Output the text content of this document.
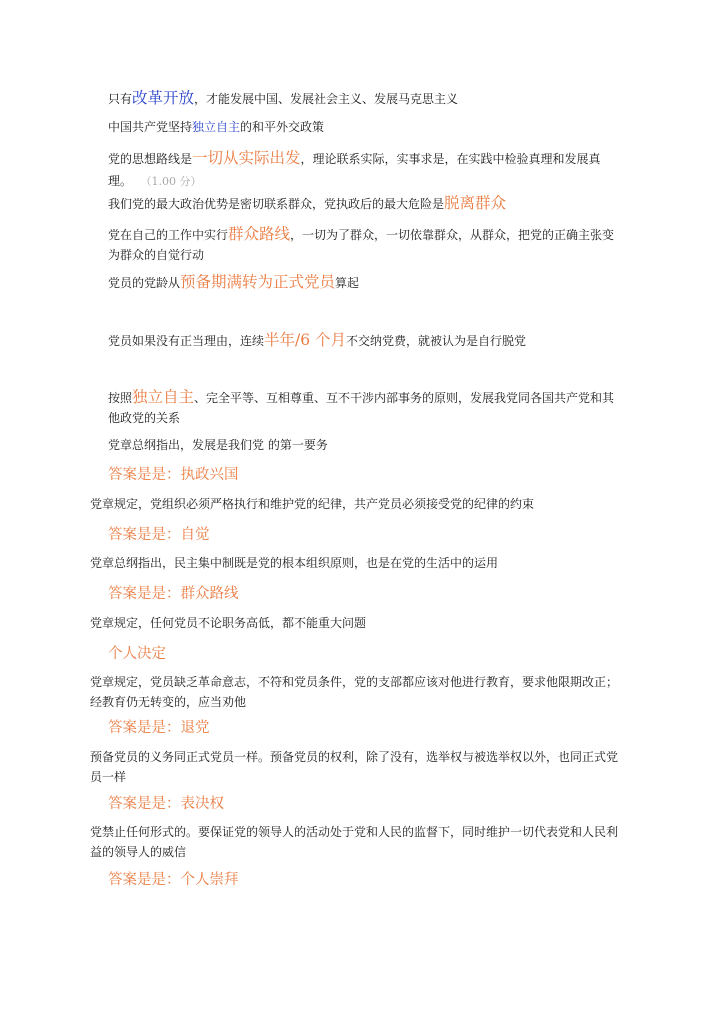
只有改革开放，才能发展中国、发展社会主义、发展马克思主义
中国共产党坚持独立自主的和平外交政策
党的思想路线是一切从实际出发，理论联系实际，实事求是，在实践中检验真理和发展真理。 （1.00 分）
我们党的最大政治优势是密切联系群众，党执政后的最大危险是脱离群众
党在自己的工作中实行群众路线，一切为了群众，一切依靠群众，从群众，把党的正确主张变为群众的自觉行动
党员的党龄从预备期满转为正式党员算起
党员如果没有正当理由，连续半年/6 个月不交纳党费，就被认为是自行脱党
按照独立自主、完全平等、互相尊重、互不干涉内部事务的原则，发展我党同各国共产党和其他政党的关系
党章总纲指出，发展是我们党 的第一要务
答案是是：执政兴国
党章规定，党组织必须严格执行和维护党的纪律，共产党员必须接受党的纪律的约束
答案是是：自觉
党章总纲指出，民主集中制既是党的根本组织原则，也是在党的生活中的运用
答案是是：群众路线
党章规定，任何党员不论职务高低，都不能重大问题
个人决定
党章规定，党员缺乏革命意志，不符和党员条件，党的支部都应该对他进行教育，要求他限期改正；经教育仍无转变的，应当劝他
答案是是：退党
预备党员的义务同正式党员一样。预备党员的权利，除了没有，选举权与被选举权以外，也同正式党员一样
答案是是：表决权
党禁止任何形式的。要保证党的领导人的活动处于党和人民的监督下，同时维护一切代表党和人民利益的领导人的威信
答案是是：个人崇拜
